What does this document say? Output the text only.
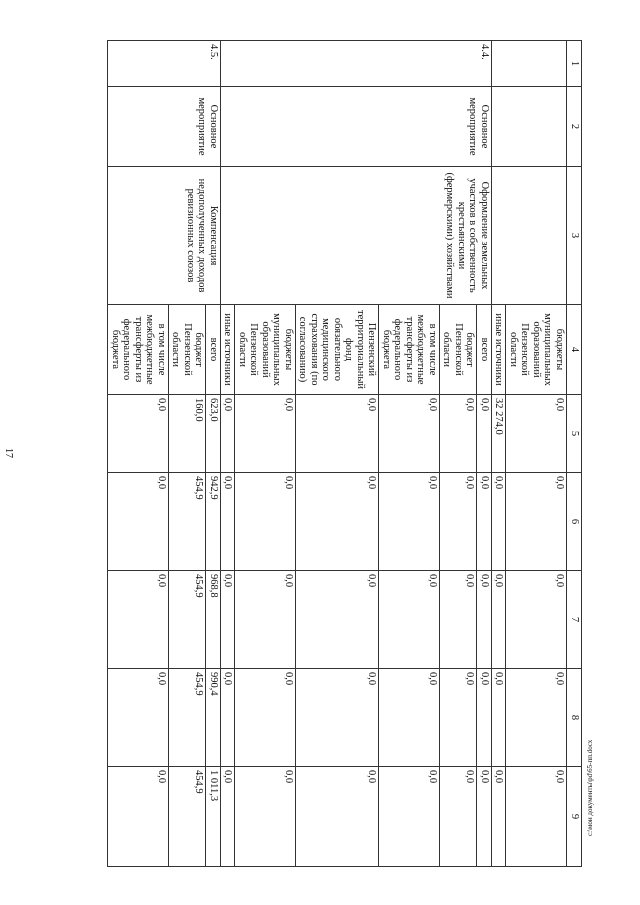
17
1	2	3	4	5	6	7	8	9
			бюджеты муниципальных образований Пензенской области	0,0	0,0	0,0	0,0	0,0
			иные источники	32 274,0	0,0	0,0	0,0	0,0
4.4.	Основное мероприятие	Оформление земельных участков в собственность крестьянскими (фермерскими) хозяйствами	всего	0,0	0,0	0,0	0,0	0,0
			бюджет Пензенской области	0,0	0,0	0,0	0,0	0,0
			в том числе межбюджетные трансферты из федерального бюджета	0,0	0,0	0,0	0,0	0,0
			Пензенский территориальный фонд обязательного медицинского страхования (по согласованию)	0,0	0,0	0,0	0,0	0,0
			бюджеты муниципальных образований Пензенской области	0,0	0,0	0,0	0,0	0,0
			иные источники	0,0	0,0	0,0	0,0	0,0
4.5.	Основное мероприятие	Компенсация недополученных доходов ревизионных союзов	всего	623,0	942,9	968,8	990,4	1 011,3
			бюджет Пензенской области	160,0	454,9	454,9	454,9	454,9
			в том числе межбюджетные трансферты из федерального бюджета	0,0	0,0	0,0	0,0	0,0	c:\мои документы\pd\65-пп.docx
